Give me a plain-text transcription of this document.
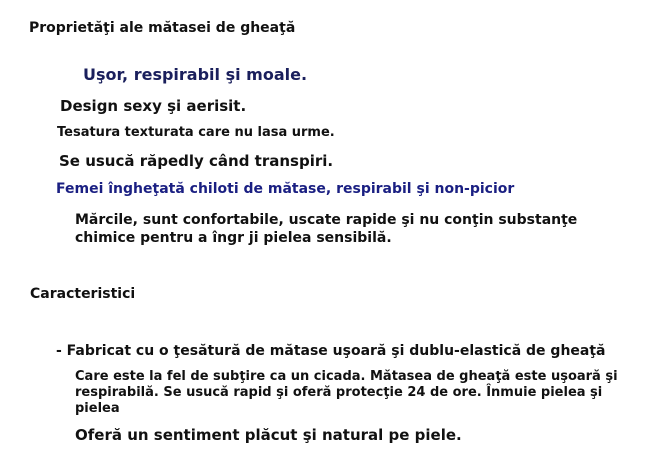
Proprietăţi ale mătasei de gheaţă
Uşor, respirabil şi moale.
Design sexy şi aerisit.
Tesatura texturata care nu lasa urme.
Se usucă răpedly când transpiri.
Femei îngheţată chiloti de mătase, respirabil şi non-picior
Mărcile, sunt confortabile, uscate rapide şi nu conţin substanţe chimice pentru a îngr ji pielea sensibilă.
Caracteristici
- Fabricat cu o ţesătură de mătase uşoară şi dublu-elastică de gheaţă
Care este la fel de subţire ca un cicada. Mătasea de gheaţă este uşoară şi respirabilă. Se usucă rapid şi oferă protecţie 24 de ore. Înmuie pielea şi pielea
Oferă un sentiment plăcut şi natural pe piele.
